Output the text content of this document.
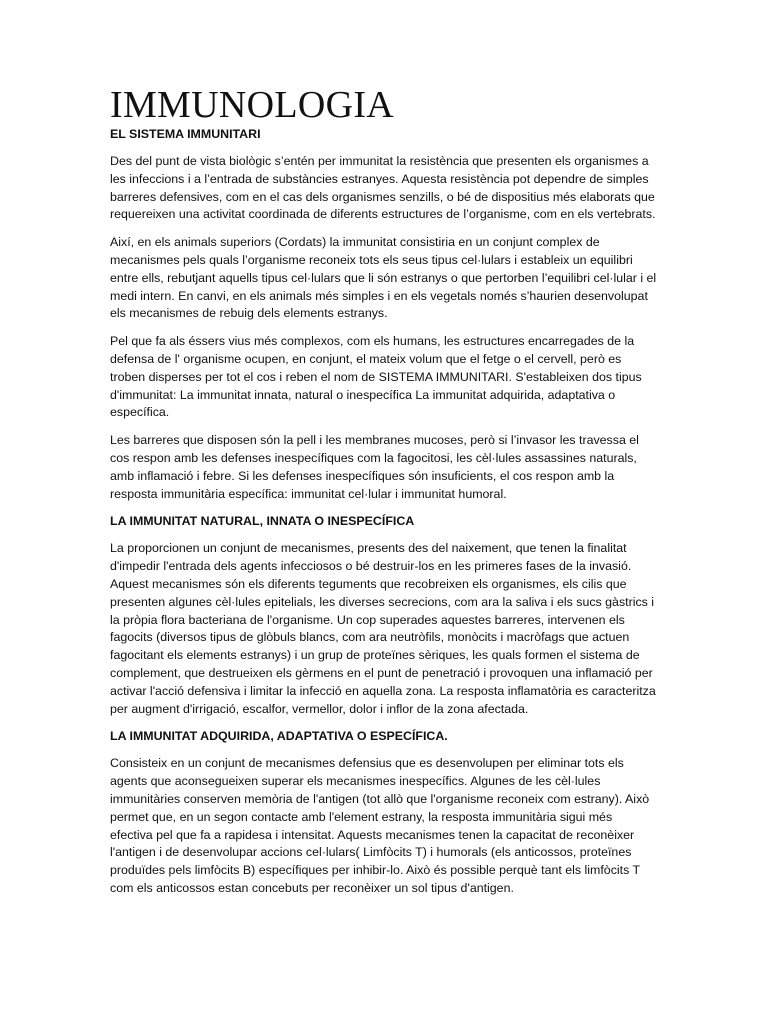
IMMUNOLOGIA
EL SISTEMA IMMUNITARI

Des del punt de vista biològic s’entén per immunitat la resistència que presenten els organismes a les infeccions i a l’entrada de substàncies estranyes. Aquesta resistència pot dependre de simples barreres defensives, com en el cas dels organismes senzills, o bé de dispositius més elaborats que requereixen una activitat coordinada de diferents estructures de l’organisme, com en els vertebrats.

Així, en els animals superiors (Cordats) la immunitat consistiria en un conjunt complex de mecanismes pels quals l’organisme reconeix tots els seus tipus cel·lulars i estableix un equilibri entre ells, rebutjant aquells tipus cel·lulars que li són estranys o que pertorben l’equilibri cel·lular i el medi intern. En canvi, en els animals més simples i en els vegetals només s’haurien desenvolupat els mecanismes de rebuig dels elements estranys.

Pel que fa als éssers vius més complexos, com els humans, les estructures encarregades de la defensa de l' organisme ocupen, en conjunt, el mateix volum que el fetge o el cervell, però es troben disperses per tot el cos i reben el nom de SISTEMA IMMUNITARI. S'estableixen dos tipus d'immunitat: La immunitat innata, natural o inespecífica La immunitat adquirida, adaptativa o específica.

Les barreres que disposen són la pell i les membranes mucoses, però si l’invasor les travessa el cos respon amb les defenses inespecífiques com la fagocitosi, les cèl·lules assassines naturals, amb inflamació i febre. Si les defenses inespecífiques són insuficients, el cos respon amb la resposta immunitària específica: immunitat cel·lular i immunitat humoral.

LA IMMUNITAT NATURAL, INNATA O INESPECÍFICA

La proporcionen un conjunt de mecanismes, presents des del naixement, que tenen la finalitat d'impedir l'entrada dels agents infecciosos o bé destruir-los en les primeres fases de la invasió. Aquest mecanismes són els diferents teguments que recobreixen els organismes, els cilis que presenten algunes cèl·lules epitelials, les diverses secrecions, com ara la saliva i els sucs gàstrics i la pròpia flora bacteriana de l'organisme. Un cop superades aquestes barreres, intervenen els fagocits (diversos tipus de glòbuls blancs, com ara neutròfils, monòcits i macròfags que actuen fagocitant els elements estranys) i un grup de proteïnes sèriques, les quals formen el sistema de complement, que destrueixen els gèrmens en el punt de penetració i provoquen una inflamació per activar l'acció defensiva i limitar la infecció en aquella zona. La resposta inflamatòria es caracteritza per augment d'irrigació, escalfor, vermellor, dolor i inflor de la zona afectada.

LA IMMUNITAT ADQUIRIDA, ADAPTATIVA O ESPECÍFICA.

Consisteix en un conjunt de mecanismes defensius que es desenvolupen per eliminar tots els agents que aconsegueixen superar els mecanismes inespecífics. Algunes de les cèl·lules immunitàries conserven memòria de l'antigen (tot allò que l'organisme reconeix com estrany). Això permet que, en un segon contacte amb l'element estrany, la resposta immunitària sigui més efectiva pel que fa a rapidesa i intensitat. Aquests mecanismes tenen la capacitat de reconèixer l'antigen i de desenvolupar accions cel·lulars( Limfòcits T) i humorals (els anticossos, proteïnes produïdes pels limfòcits B) específiques per inhibir-lo. Això és possible perquè tant els limfòcits T com els anticossos estan concebuts per reconèixer un sol tipus d'antigen.
